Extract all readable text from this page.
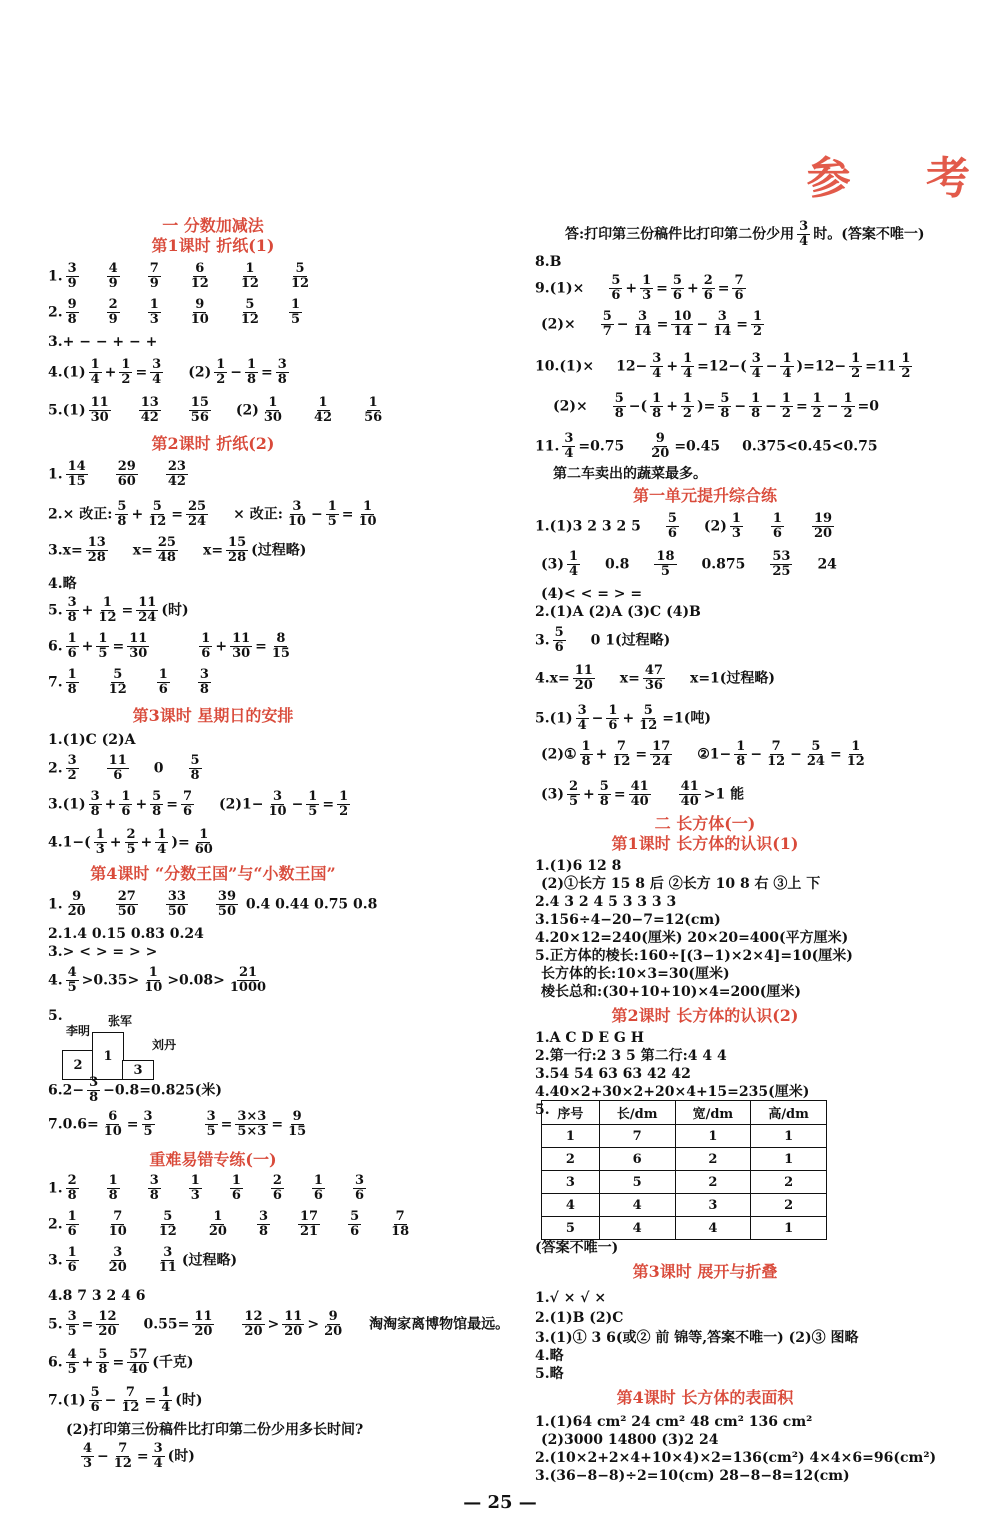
参 考
一 分数加减法
第1课时 折纸(1)
1. $\frac{3}{9} \frac{4}{9} \frac{7}{9} \frac{6}{12} \frac{1}{12} \frac{5}{12}$
2. $\frac{9}{8} \frac{2}{9} \frac{1}{3} \frac{9}{10} \frac{5}{12} \frac{1}{5}$
3.+ − − + − +
$4.(1) \frac{1}{4} + \frac{1}{2} = \frac{3}{4} (2) \frac{1}{2} - \frac{1}{8} = \frac{3}{8}$
$5.(1) \frac{11}{30} \frac{13}{42} \frac{15}{56} (2) \frac{1}{30} \frac{1}{42} \frac{1}{56}$
第2课时 折纸(2)
1. $\frac{14}{15} \frac{29}{60} \frac{23}{42}$
2.× 改正: $\frac{5}{8} + \frac{5}{12} = \frac{25}{24}$ × 改正: $\frac{3}{10} - \frac{1}{5} = \frac{1}{10}$
$3.x= \frac{13}{28} x= \frac{25}{48} x= \frac{15}{28}$ (过程略)
4.略
5. $\frac{3}{8} + \frac{1}{12} = \frac{11}{24}$ (时)
6. $\frac{1}{6} + \frac{1}{5} = \frac{11}{30}$	$\frac{1}{6} + \frac{11}{30} = \frac{8}{15}$
7. $\frac{1}{8} \frac{5}{12} \frac{1}{6} \frac{3}{8}$
第3课时 星期日的安排
1.(1)C (2)A
2. $\frac{3}{2} \frac{11}{6} 0 \frac{5}{8}$
$3.(1) \frac{3}{8} + \frac{1}{6} + \frac{5}{8} = \frac{7}{6} (2)1- \frac{3}{10} - \frac{1}{5} = \frac{1}{2}$
$4.1-( \frac{1}{3} + \frac{2}{5} + \frac{1}{4}$ )= $\frac{1}{60}$
第4课时 “分数王国”与“小数王国”
1. $\frac{9}{20} \frac{27}{50} \frac{33}{50} \frac{39}{50} 0.4$ 0.44 0.75 0.8
2.1.4 0.15 0.83 0.24
3.> < > = > >
4. $\frac{4}{5} >0.35> \frac{1}{10} >0.08> \frac{21}{1000}$
5.
李明
张军
刘丹
2
1
3
$6.2- \frac{3}{8} -0.8=0.825$(米)
$7.0.6= \frac{6}{10} = \frac{3}{5}$	$\frac{3}{5} = \frac{3\times 3}{5\times 3} = \frac{9}{15}$
重难易错专练(一)
1. $\frac{2}{8} \frac{1}{8} \frac{3}{8} \frac{1}{3} \frac{1}{6} \frac{2}{6} \frac{1}{6} \frac{3}{6}$
2. $\frac{1}{6} \frac{7}{10} \frac{5}{12} \frac{1}{20} \frac{3}{8} \frac{17}{21} \frac{5}{6} \frac{7}{18}$
3. $\frac{1}{6} \frac{3}{20} \frac{3}{11}$ (过程略)
4.8 7 3 2 4 6
5. $\frac{3}{5} = \frac{12}{20} 0.55= \frac{11}{20} \frac{12}{20} > \frac{11}{20} > \frac{9}{20}$ 淘淘家离博物馆最远。
6. $\frac{4}{5} + \frac{5}{8} = \frac{57}{40}$ (千克)
$7.(1) \frac{5}{6} - \frac{7}{12} = \frac{1}{4}$ (时)
(2)打印第三份稿件比打印第二份少用多长时间?
$\frac{4}{3} - \frac{7}{12} = \frac{3}{4}$ (时)
答:打印第三份稿件比打印第二份少用 $\frac{3}{4}$ 时。(答案不唯一)
8.B
$9.(1)\times \frac{5}{6} + \frac{1}{3} = \frac{5}{6} + \frac{2}{6} = \frac{7}{6}$
$(2)\times \frac{5}{7} - \frac{3}{14} = \frac{10}{14} - \frac{3}{14} = \frac{1}{2}$
$10.(1)\times 12- \frac{3}{4} + \frac{1}{4} =12-( \frac{3}{4} - \frac{1}{4} )=12- \frac{1}{2} =11 \frac{1}{2}$
$(2)\times \frac{5}{8}$ −( $\frac{1}{8} + \frac{1}{2}$ )= $\frac{5}{8} - \frac{1}{8} - \frac{1}{2} = \frac{1}{2} - \frac{1}{2} =0$
11. $\frac{3}{4} =0.75 \frac{9}{20} =0.45$ 0.375<0.45<0.75
第二车卖出的蔬菜最多。
第一单元提升综合练
1.(1)3 2 3 2 $5 \frac{5}{6} (2) \frac{1}{3} \frac{1}{6} \frac{19}{20}$
$(3) \frac{1}{4} 0.8 \frac{18}{5} 0.875 \frac{53}{25} 24$
(4)< < = > =
2.(1)A (2)A (3)C (4)B
3. $\frac{5}{6} 0$ 1(过程略)
$4.x= \frac{11}{20} x= \frac{47}{36} x=1$(过程略)
$5.(1) \frac{3}{4} - \frac{1}{6} + \frac{5}{12} =1$(吨)
(2)① $\frac{1}{8} + \frac{7}{12} = \frac{17}{24}$ ②1− $\frac{1}{8} - \frac{7}{12} - \frac{5}{24} = \frac{1}{12}$
$(3) \frac{2}{5} + \frac{5}{8} = \frac{41}{40} \frac{41}{40} >1$ 能
二 长方体(一)
第1课时 长方体的认识(1)
1.(1)6 12 8
(2)①长方 15 8 后 ②长方 10 8 右 ③上 下
2.4 3 2 4 5 3 3 3 3
3.156÷4−20−7=12(cm)
4.20×12=240(厘米) 20×20=400(平方厘米)
5.正方体的棱长:160÷[(3−1)×2×4]=10(厘米)
长方体的长:10×3=30(厘米)
棱长总和:(30+10+10)×4=200(厘米)
第2课时 长方体的认识(2)
1.A C D E G H
2.第一行:2 3 5 第二行:4 4 4
3.54 54 63 63 42 42
4.40×2+30×2+20×4+15=235(厘米)
5. 序号	长/dm	宽/dm	高/dm
1	7	1	1
2	6	2	1
3	5	2	2
4	4	3	2
5	4	4	1
(答案不唯一)
第3课时 展开与折叠
1.√ × √ ×
2.(1)B (2)C
3.(1)① 3 6(或② 前 锦等,答案不唯一) (2)③ 图略
4.略
5.略
第4课时 长方体的表面积
1.(1)64 cm² 24 cm² 48 cm² 136 cm²
(2)3000 14800 (3)2 24
2.(10×2+2×4+10×4)×2=136(cm²) 4×4×6=96(cm²)
3.(36−8−8)÷2=10(cm) 28−8−8=12(cm)
— 25 —
